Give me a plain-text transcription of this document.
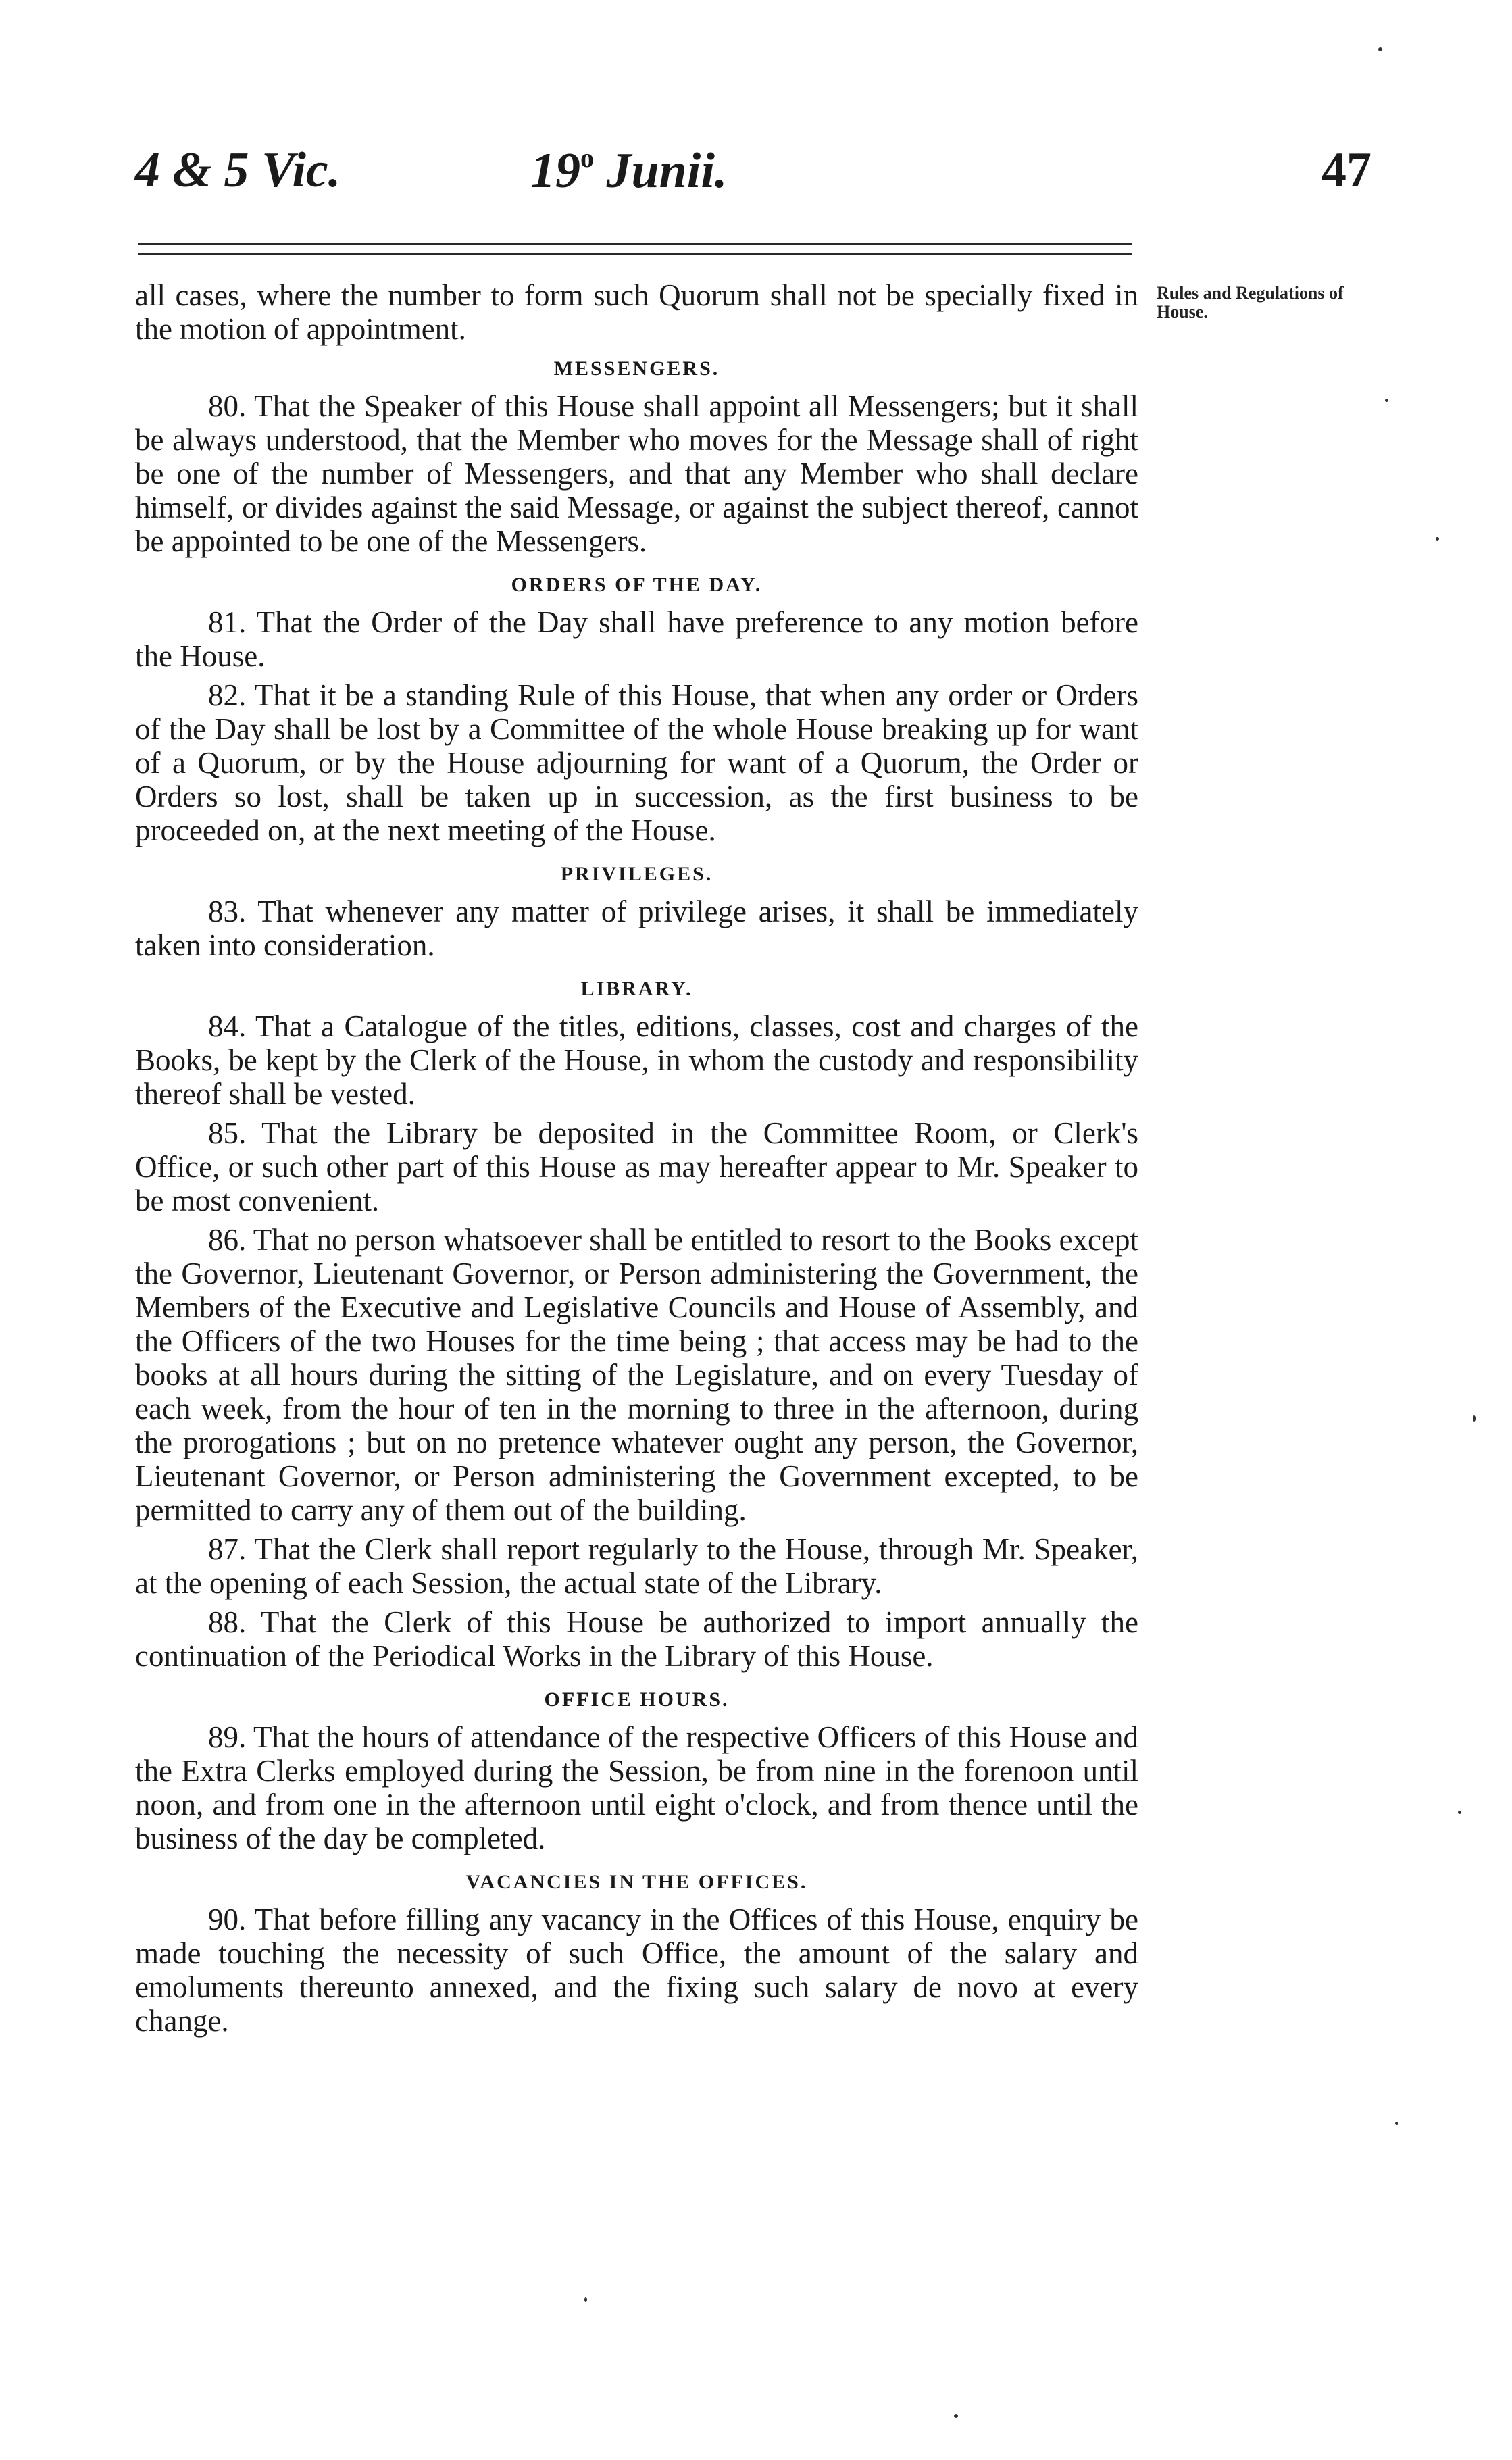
4 & 5 Vic.	19$^o$ Junii.	47
Rules and Regulations of House.

all cases, where the number to form such Quorum shall not be specially fixed in the motion of appointment.

MESSENGERS.

80. That the Speaker of this House shall appoint all Messengers; but it shall be always understood, that the Member who moves for the Message shall of right be one of the number of Messengers, and that any Member who shall declare himself, or divides against the said Message, or against the subject thereof, cannot be appointed to be one of the Messengers.

ORDERS OF THE DAY.

81. That the Order of the Day shall have preference to any motion before the House.

82. That it be a standing Rule of this House, that when any order or Orders of the Day shall be lost by a Committee of the whole House breaking up for want of a Quorum, or by the House adjourning for want of a Quorum, the Order or Orders so lost, shall be taken up in succession, as the first business to be proceeded on, at the next meeting of the House.

PRIVILEGES.

83. That whenever any matter of privilege arises, it shall be immediately taken into consideration.

LIBRARY.

84. That a Catalogue of the titles, editions, classes, cost and charges of the Books, be kept by the Clerk of the House, in whom the custody and responsibility thereof shall be vested.

85. That the Library be deposited in the Committee Room, or Clerk's Office, or such other part of this House as may hereafter appear to Mr. Speaker to be most convenient.

86. That no person whatsoever shall be entitled to resort to the Books except the Governor, Lieutenant Governor, or Person administering the Government, the Members of the Executive and Legislative Councils and House of Assembly, and the Officers of the two Houses for the time being ; that access may be had to the books at all hours during the sitting of the Legislature, and on every Tuesday of each week, from the hour of ten in the morning to three in the afternoon, during the prorogations ; but on no pretence whatever ought any person, the Governor, Lieutenant Governor, or Person administering the Government excepted, to be permitted to carry any of them out of the building.

87. That the Clerk shall report regularly to the House, through Mr. Speaker, at the opening of each Session, the actual state of the Library.

88. That the Clerk of this House be authorized to import annually the continuation of the Periodical Works in the Library of this House.

OFFICE HOURS.

89. That the hours of attendance of the respective Officers of this House and the Extra Clerks employed during the Session, be from nine in the forenoon until noon, and from one in the afternoon until eight o'clock, and from thence until the business of the day be completed.

VACANCIES IN THE OFFICES.

90. That before filling any vacancy in the Offices of this House, enquiry be made touching the necessity of such Office, the amount of the salary and emoluments thereunto annexed, and the fixing such salary de novo at every change.
